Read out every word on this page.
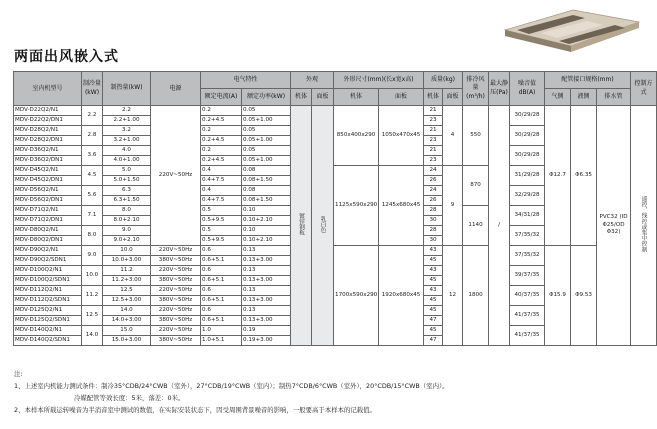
两面出风嵌入式
室内机型号	制冷量(kW)	制热量(kW)	电源	电气特性		外观		外形尺寸(mm)(长x宽x高)		质量(kg)		排冷风量(m³/h)	最大静压(Pa)	噪音值dB(A)	配管接口规格(mm)			控制方式
				额定电流(A)	额定功率(kW)	机体	面板	机体	面板	机体	面板				气侧	液侧	排水管	
MDV-D22Q2/N1	2.2	2.2	220V~50Hz	0.2	0.05	镀锌钢板	乳白色	850x400x290	1050x470x45	21	4	550	/	30/29/28	Φ12.7	Φ6.35	PVC32 (ID Φ25/OD Φ32)	遥控，线控或集中控制
MDV-D22Q2/DN1		2.2+1.00		0.2+4.5	0.05+1.00					23								
MDV-D28Q2/N1	2.8	3.2		0.2	0.05					21				30/29/28				
MDV-D28Q2/DN1		3.2+1.00		0.2+4.5	0.05+1.00					23								
MDV-D36Q2/N1	3.6	4.0		0.2	0.05					21				30/29/28				
MDV-D36Q2/DN1		4.0+1.00		0.2+4.5	0.05+1.00					23								
MDV-D45Q2/N1	4.5	5.0		0.4	0.08			1125x590x290	1245x680x45	24	9	870		31/29/28				
MDV-D45Q2/DN1		5.0+1.50		0.4+7.5	0.08+1.50					26								
MDV-D56Q2/N1	5.6	6.3		0.4	0.08					24				32/29/28				
MDV-D56Q2/DN1		6.3+1.50		0.4+7.5	0.08+1.50					26								
MDV-D71Q2/N1	7.1	8.0		0.5	0.10					28		1140		34/31/28				
MDV-D71Q2/DN1		8.0+2.10		0.5+9.5	0.10+2.10					30								
MDV-D80Q2/N1	8.0	9.0		0.5	0.10					28				37/35/32				
MDV-D80Q2/DN1		9.0+2.10		0.5+9.5	0.10+2.10					30								
MDV-D90Q2/N1	9.0	10.0	220V~50Hz	0.6	0.13			1700x590x290	1920x680x45	43	12	1800		37/35/32	Φ15.9	Φ9.53		
MDV-D90Q2/SDN1		10.0+3.00	380V~50Hz	0.6+5.1	0.13+3.00					45								
MDV-D100Q2/N1	10.0	11.2	220V~50Hz	0.6	0.13					43				39/37/35				
MDV-D100Q2/SDN1		11.2+3.00	380V~50Hz	0.6+5.1	0.13+3.00					45								
MDV-D112Q2/N1	11.2	12.5	220V~50Hz	0.6	0.13					43				40/37/35				
MDV-D112Q2/SDN1		12.5+3.00	380V~50Hz	0.6+5.1	0.13+3.00					45								
MDV-D125Q2/N1	12.5	14.0	220V~50Hz	0.6	0.13					45				41/37/35				
MDV-D125Q2/SDN1		14.0+3.00	380V~50Hz	0.6+5.1	0.13+3.00					47								
MDV-D140Q2/N1	14.0	15.0	220V~50Hz	1.0	0.19					45				41/37/35				
MDV-D140Q2/SDN1		15.0+3.00	380V~50Hz	1.0+5.1	0.19+3.00					47								
注:
1、上述室内机能力测试条件：制冷35°CDB/24°CWB（室外），27°CDB/19°CWB（室内）；制热7°CDB/6°CWB（室外），20°CDB/15°CWB（室内）。
冷媒配管等效长度：5米，落差：0米。
2、本样本所载运转噪音为半消音室中测试的数值，在实际安装状态下，因受周围背景噪音的影响，一般要高于本样本的记载值。
